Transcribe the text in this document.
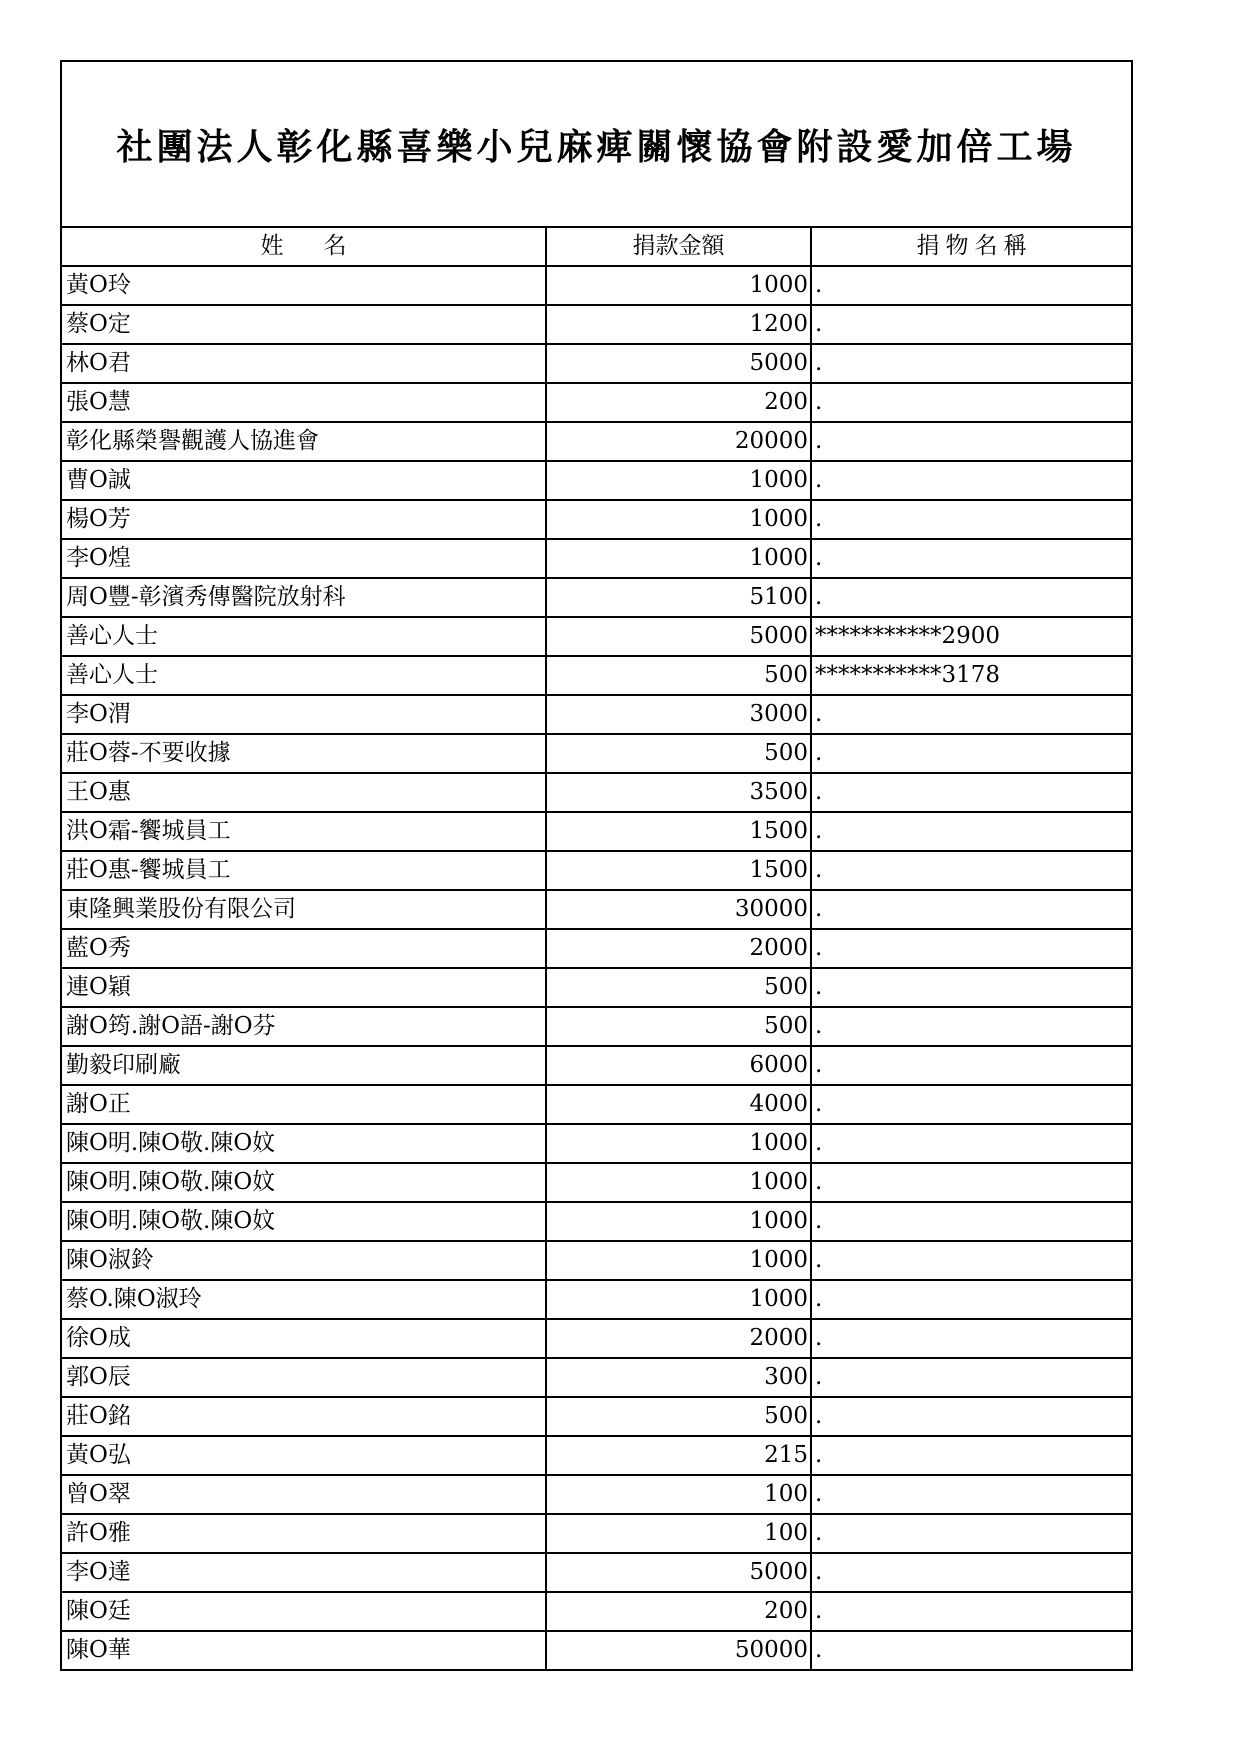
社團法人彰化縣喜樂小兒麻痺關懷協會附設愛加倍工場
姓名	捐款金額	捐物名稱
黃O玲	1000	.
蔡O定	1200	.
林O君	5000	.
張O慧	200	.
彰化縣榮譽觀護人協進會	20000	.
曹O誠	1000	.
楊O芳	1000	.
李O煌	1000	.
周O豐-彰濱秀傳醫院放射科	5100	.
善心人士	5000	***********2900
善心人士	500	***********3178
李O渭	3000	.
莊O蓉-不要收據	500	.
王O惠	3500	.
洪O霜-饗城員工	1500	.
莊O惠-饗城員工	1500	.
東隆興業股份有限公司	30000	.
藍O秀	2000	.
連O穎	500	.
謝O筠.謝O語-謝O芬	500	.
勤毅印刷廠	6000	.
謝O正	4000	.
陳O明.陳O敬.陳O妏	1000	.
陳O明.陳O敬.陳O妏	1000	.
陳O明.陳O敬.陳O妏	1000	.
陳O淑鈴	1000	.
蔡O.陳O淑玲	1000	.
徐O成	2000	.
郭O辰	300	.
莊O銘	500	.
黃O弘	215	.
曾O翠	100	.
許O雅	100	.
李O達	5000	.
陳O廷	200	.
陳O華	50000	.
